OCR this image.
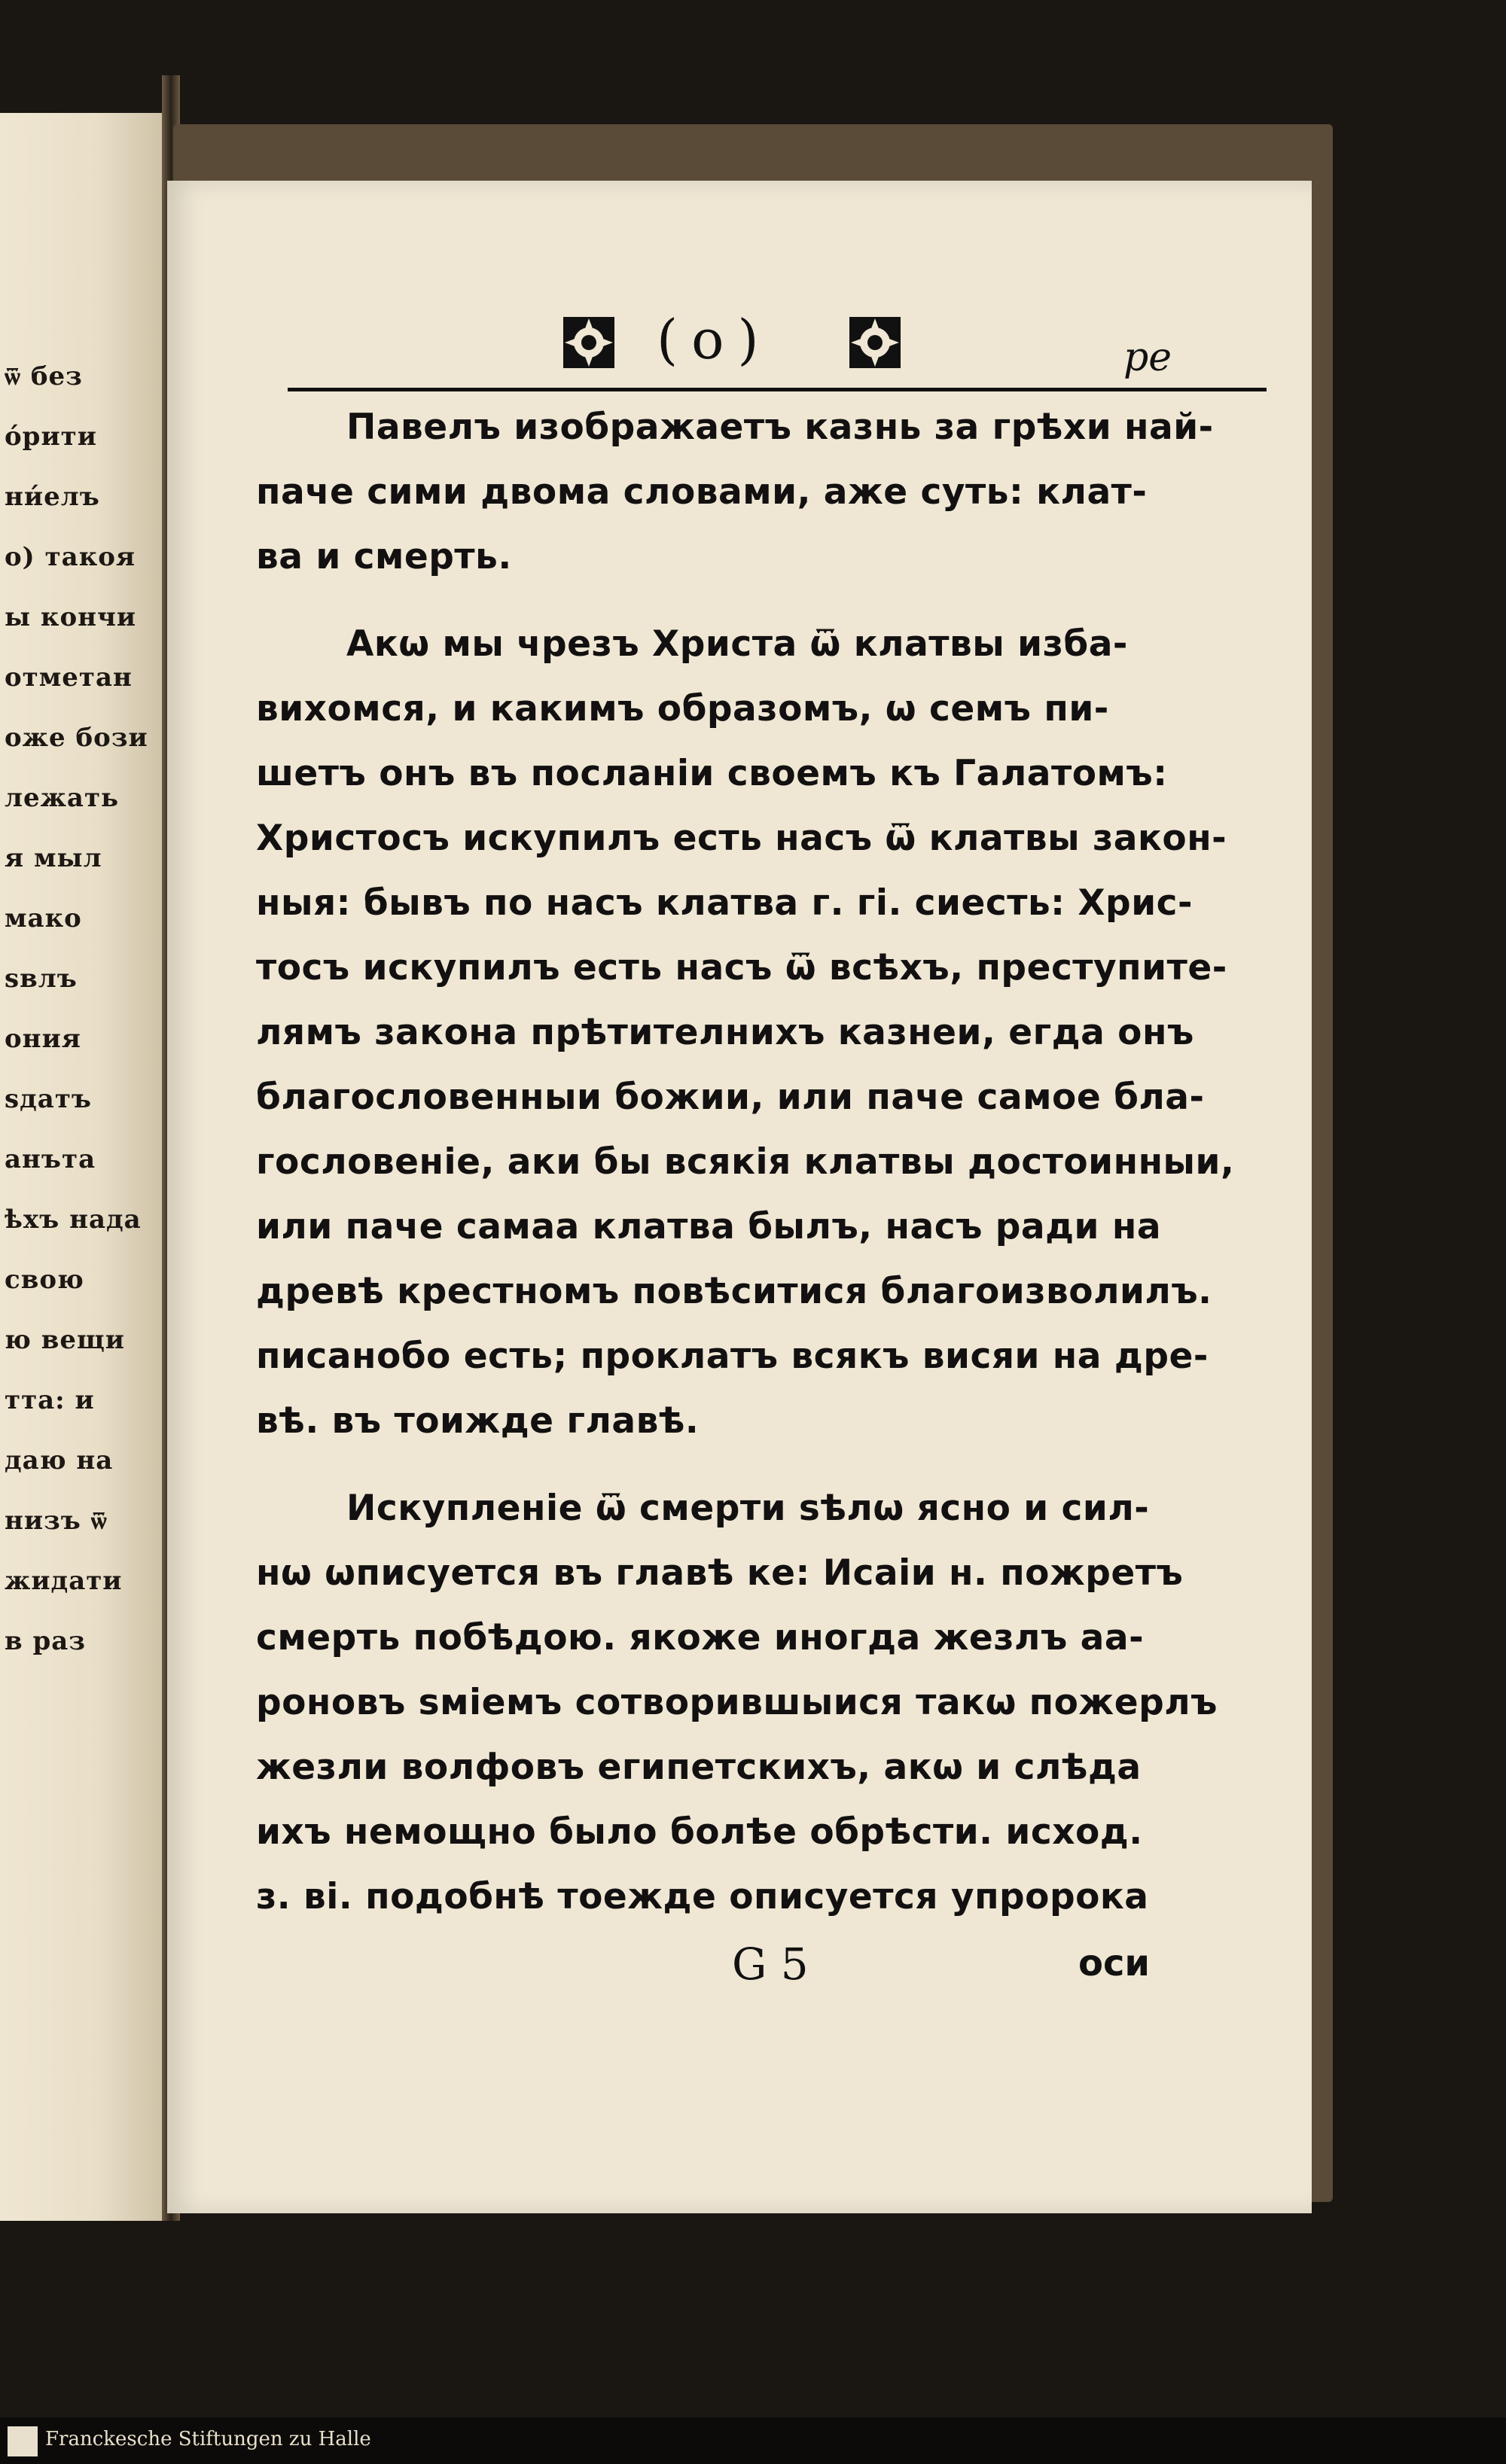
ѿ без
о́рити
ни́елъ
о) такоя
ы кончи
отметан
оже бози
лежать
я мыл
мако
ѕвлъ
ония
ѕдатъ
анъта
ѣхъ нада
свою
ю вещи
тта: и
даю на
низъ ѿ
жидати
в раз
(o)	ре
Павелъ изображаетъ казнь за грѣхи най-
паче сими двома словами, аже суть: клат-
ва и смерть.
Акѡ мы чрезъ Христа ѿ клатвы избa-
вихомся, и какимъ образомъ, ѡ семъ пи-
шетъ онъ въ посланіи своемъ къ Галатомъ:
Христосъ искупилъ есть насъ ѿ клатвы закон-
ныя: бывъ по насъ клатва г. гі. сиесть: Хрис-
тосъ искупилъ есть насъ ѿ всѣхъ, преступите-
лямъ закона прѣтителнихъ казнеи, егда онъ
благословенныи божии, или паче самое бла-
гословеніе, аки бы всякія клатвы достоинныи,
или паче самаа клатва былъ, насъ ради на
древѣ крестномъ повѣситися благоизволилъ.
писанобо есть; проклатъ всякъ висяи на дре-
вѣ. въ тоиждe главѣ.
Искупленіе ѿ смерти ѕѣлѡ ясно и сил-
нѡ ѡписуется въ главѣ ке: Исаіи н. пожретъ
смерть побѣдою. якоже иногда жезлъ аа-
роновъ ѕміемъ сотворившыися такѡ пожерлъ
жезли волфовъ египетскихъ, акѡ и слѣда
ихъ немощно было болѣе обрѣсти. исход.
з. ві. подобнѣ тоежде описуется упророка
G 5	оси
Franckesche Stiftungen zu Halle
